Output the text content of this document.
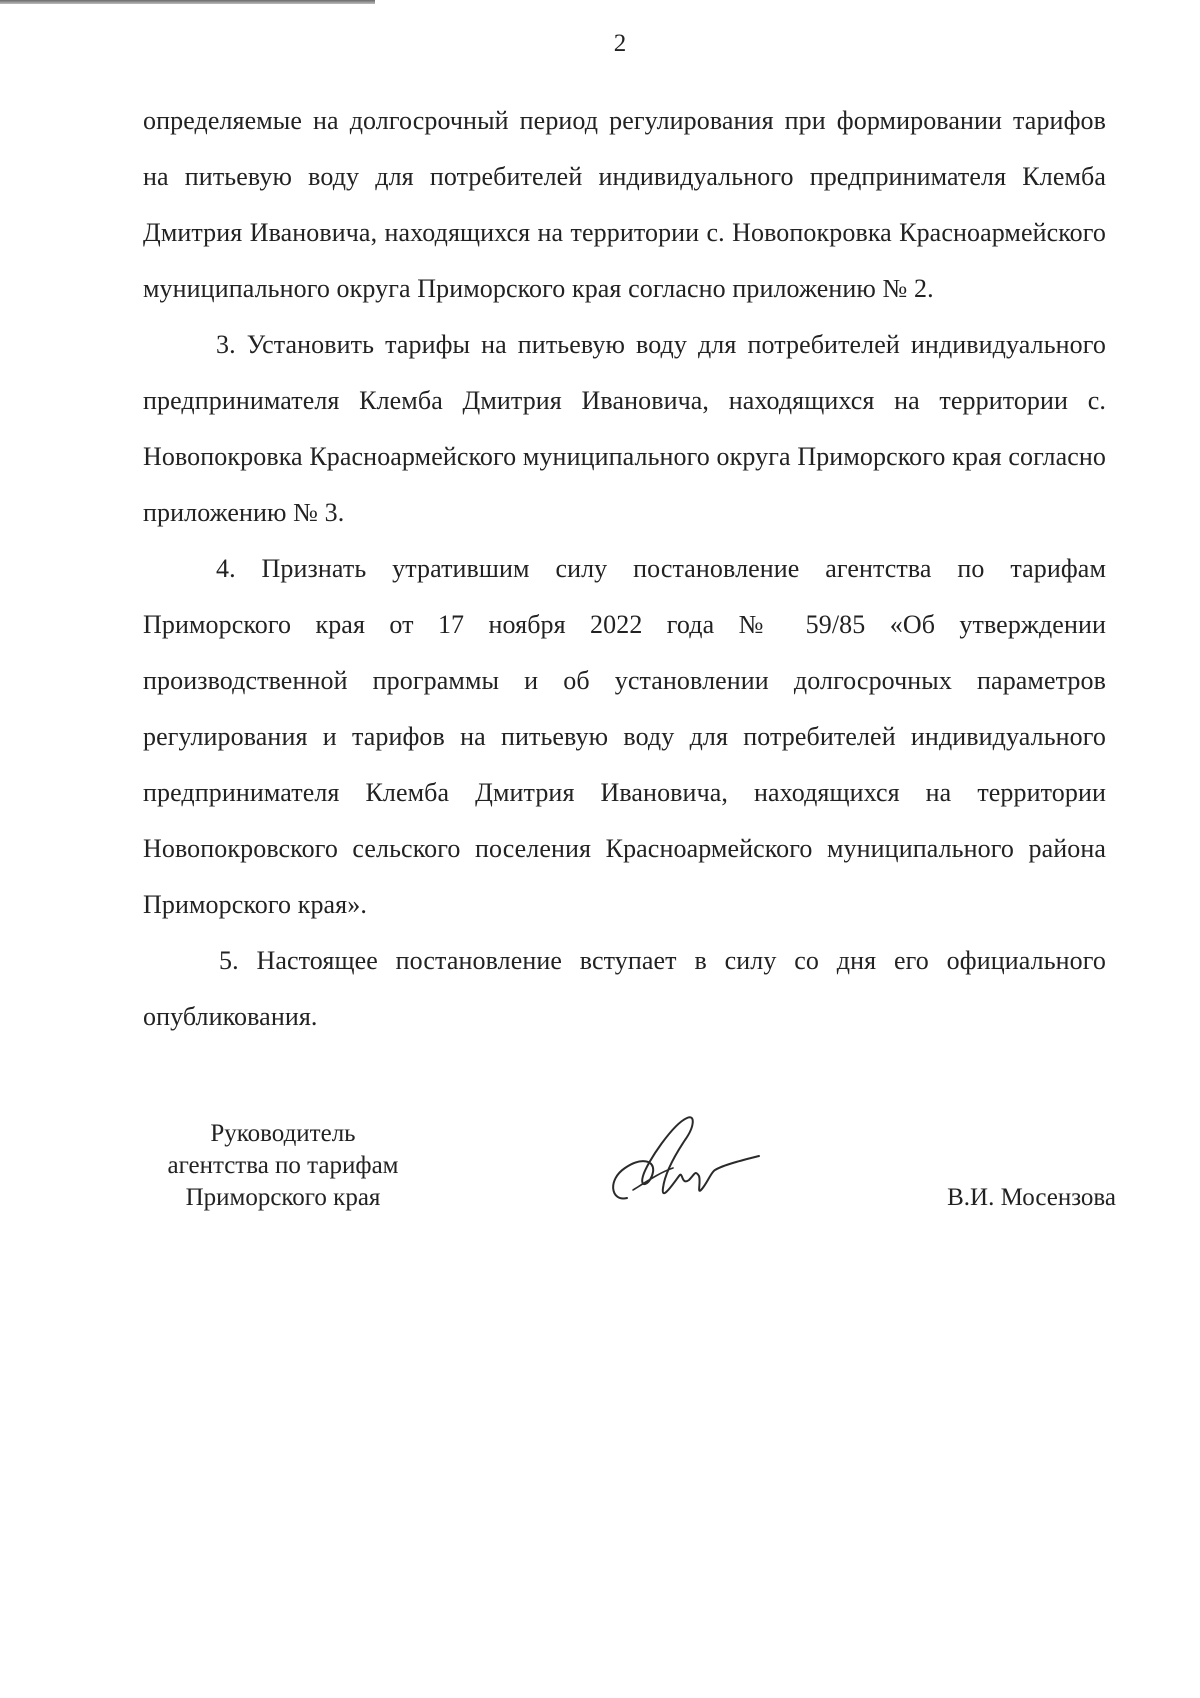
2

определяемые на долгосрочный период регулирования при формировании тарифов на питьевую воду для потребителей индивидуального предпринимателя Клемба Дмитрия Ивановича, находящихся на территории с. Новопокровка Красноармейского муниципального округа Приморского края согласно приложению № 2.

3. Установить тарифы на питьевую воду для потребителей индивидуального предпринимателя Клемба Дмитрия Ивановича, находящихся на территории с. Новопокровка Красноармейского муниципального округа Приморского края согласно приложению № 3.

4. Признать утратившим силу постановление агентства по тарифам Приморского края от 17 ноября 2022 года № 59/85 «Об утверждении производственной программы и об установлении долгосрочных параметров регулирования и тарифов на питьевую воду для потребителей индивидуального предпринимателя Клемба Дмитрия Ивановича, находящихся на территории Новопокровского сельского поселения Красноармейского муниципального района Приморского края».

5. Настоящее постановление вступает в силу со дня его официального опубликования.

Руководитель
агентства по тарифам
Приморского края	В.И. Мосензова
